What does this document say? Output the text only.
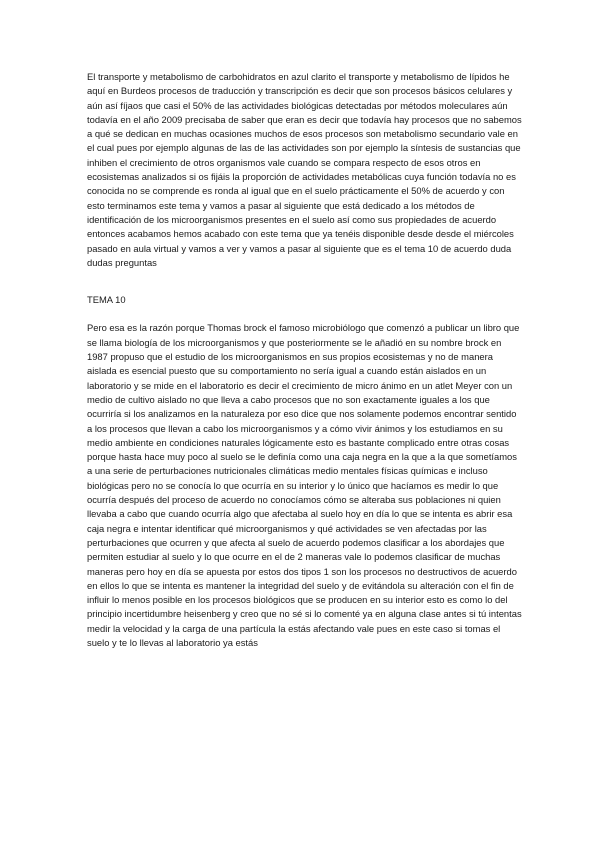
El transporte y metabolismo de carbohidratos en azul clarito el transporte y metabolismo de lípidos he aquí en Burdeos procesos de traducción y transcripción es decir que son procesos básicos celulares y aún así fíjaos que casi el 50% de las actividades biológicas detectadas por métodos moleculares aún todavía en el año 2009 precisaba de saber que eran es decir que todavía hay procesos que no sabemos a qué se dedican en muchas ocasiones muchos de esos procesos son metabolismo secundario vale en el cual pues por ejemplo algunas de las de las actividades son por ejemplo la síntesis de sustancias que inhiben el crecimiento de otros organismos vale cuando se compara respecto de esos otros en ecosistemas analizados si os fijáis la proporción de actividades metabólicas cuya función todavía no es conocida no se comprende es ronda al igual que en el suelo prácticamente el 50% de acuerdo y con esto terminamos este tema y vamos a pasar al siguiente que está dedicado a los métodos de identificación de los microorganismos presentes en el suelo así como sus propiedades de acuerdo entonces acabamos hemos acabado con este tema que ya tenéis disponible desde desde el miércoles pasado en aula virtual y vamos a ver y vamos a pasar al siguiente que es el tema 10 de acuerdo duda dudas preguntas

TEMA 10

Pero esa es la razón porque Thomas brock el famoso microbiólogo que comenzó a publicar un libro que se llama biología de los microorganismos y que posteriormente se le añadió en su nombre brock en 1987 propuso que el estudio de los microorganismos en sus propios ecosistemas y no de manera aislada es esencial puesto que su comportamiento no sería igual a cuando están aislados en un laboratorio y se mide en el laboratorio es decir el crecimiento de micro ánimo en un atlet Meyer con un medio de cultivo aislado no que lleva a cabo procesos que no son exactamente iguales a los que ocurriría si los analizamos en la naturaleza por eso dice que nos solamente podemos encontrar sentido a los procesos que llevan a cabo los microorganismos y a cómo vivir ánimos y los estudiamos en su medio ambiente en condiciones naturales lógicamente esto es bastante complicado entre otras cosas porque hasta hace muy poco al suelo se le definía como una caja negra en la que a la que sometíamos a una serie de perturbaciones nutricionales climáticas medio mentales físicas químicas e incluso biológicas pero no se conocía lo que ocurría en su interior y lo único que hacíamos es medir lo que ocurría después del proceso de acuerdo no conocíamos cómo se alteraba sus poblaciones ni quien llevaba a cabo que cuando ocurría algo que afectaba al suelo hoy en día lo que se intenta es abrir esa caja negra e intentar identificar qué microorganismos y qué actividades se ven afectadas por las perturbaciones que ocurren y que afecta al suelo de acuerdo podemos clasificar a los abordajes que permiten estudiar al suelo y lo que ocurre en el de 2 maneras vale lo podemos clasificar de muchas maneras pero hoy en día se apuesta por estos dos tipos 1 son los procesos no destructivos de acuerdo en ellos lo que se intenta es mantener la integridad del suelo y de evitándola su alteración con el fin de influir lo menos posible en los procesos biológicos que se producen en su interior esto es como lo del principio incertidumbre heisenberg y creo que no sé si lo comenté ya en alguna clase antes si tú intentas medir la velocidad y la carga de una partícula la estás afectando vale pues en este caso si tomas el suelo y te lo llevas al laboratorio ya estás
